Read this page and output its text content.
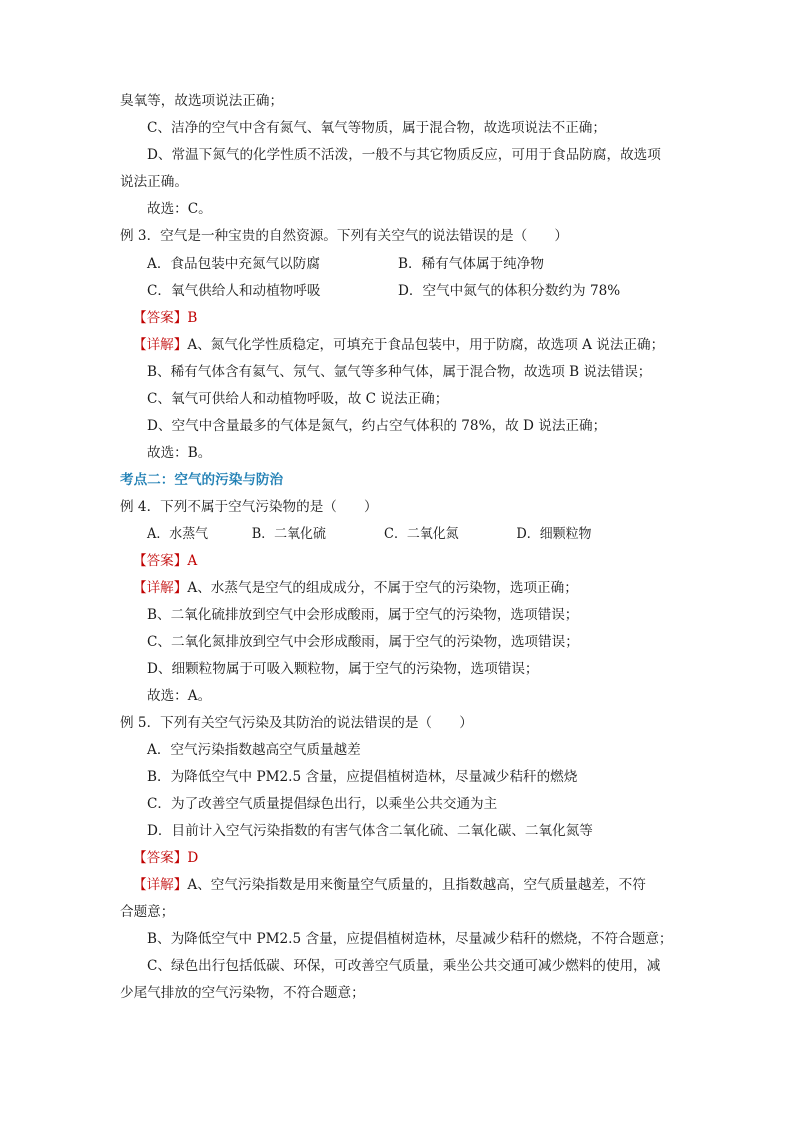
臭氧等，故选项说法正确；
C、洁净的空气中含有氮气、氧气等物质，属于混合物，故选项说法不正确；
D、常温下氮气的化学性质不活泼，一般不与其它物质反应，可用于食品防腐，故选项
说法正确。
故选：C。
例 3．空气是一种宝贵的自然资源。下列有关空气的说法错误的是（　　）
A．食品包装中充氮气以防腐	B．稀有气体属于纯净物
C．氧气供给人和动植物呼吸	D．空气中氮气的体积分数约为 78%
【答案】B
【详解】A、氮气化学性质稳定，可填充于食品包装中，用于防腐，故选项 A 说法正确；
B、稀有气体含有氦气、氖气、氩气等多种气体，属于混合物，故选项 B 说法错误；
C、氧气可供给人和动植物呼吸，故 C 说法正确；
D、空气中含量最多的气体是氮气，约占空气体积的 78%，故 D 说法正确；
故选：B。
考点二：空气的污染与防治
例 4．下列不属于空气污染物的是（　　）
A．水蒸气	B．二氧化硫	C．二氧化氮	D．细颗粒物
【答案】A
【详解】A、水蒸气是空气的组成成分，不属于空气的污染物，选项正确；
B、二氧化硫排放到空气中会形成酸雨，属于空气的污染物，选项错误；
C、二氧化氮排放到空气中会形成酸雨，属于空气的污染物，选项错误；
D、细颗粒物属于可吸入颗粒物，属于空气的污染物，选项错误；
故选：A。
例 5．下列有关空气污染及其防治的说法错误的是（　　）
A．空气污染指数越高空气质量越差
B．为降低空气中 PM2.5 含量，应提倡植树造林，尽量减少秸秆的燃烧
C．为了改善空气质量提倡绿色出行，以乘坐公共交通为主
D．目前计入空气污染指数的有害气体含二氧化硫、二氧化碳、二氧化氮等
【答案】D
【详解】A、空气污染指数是用来衡量空气质量的，且指数越高，空气质量越差，不符
合题意；
B、为降低空气中 PM2.5 含量，应提倡植树造林，尽量减少秸秆的燃烧，不符合题意；
C、绿色出行包括低碳、环保，可改善空气质量，乘坐公共交通可减少燃料的使用，减
少尾气排放的空气污染物，不符合题意；
